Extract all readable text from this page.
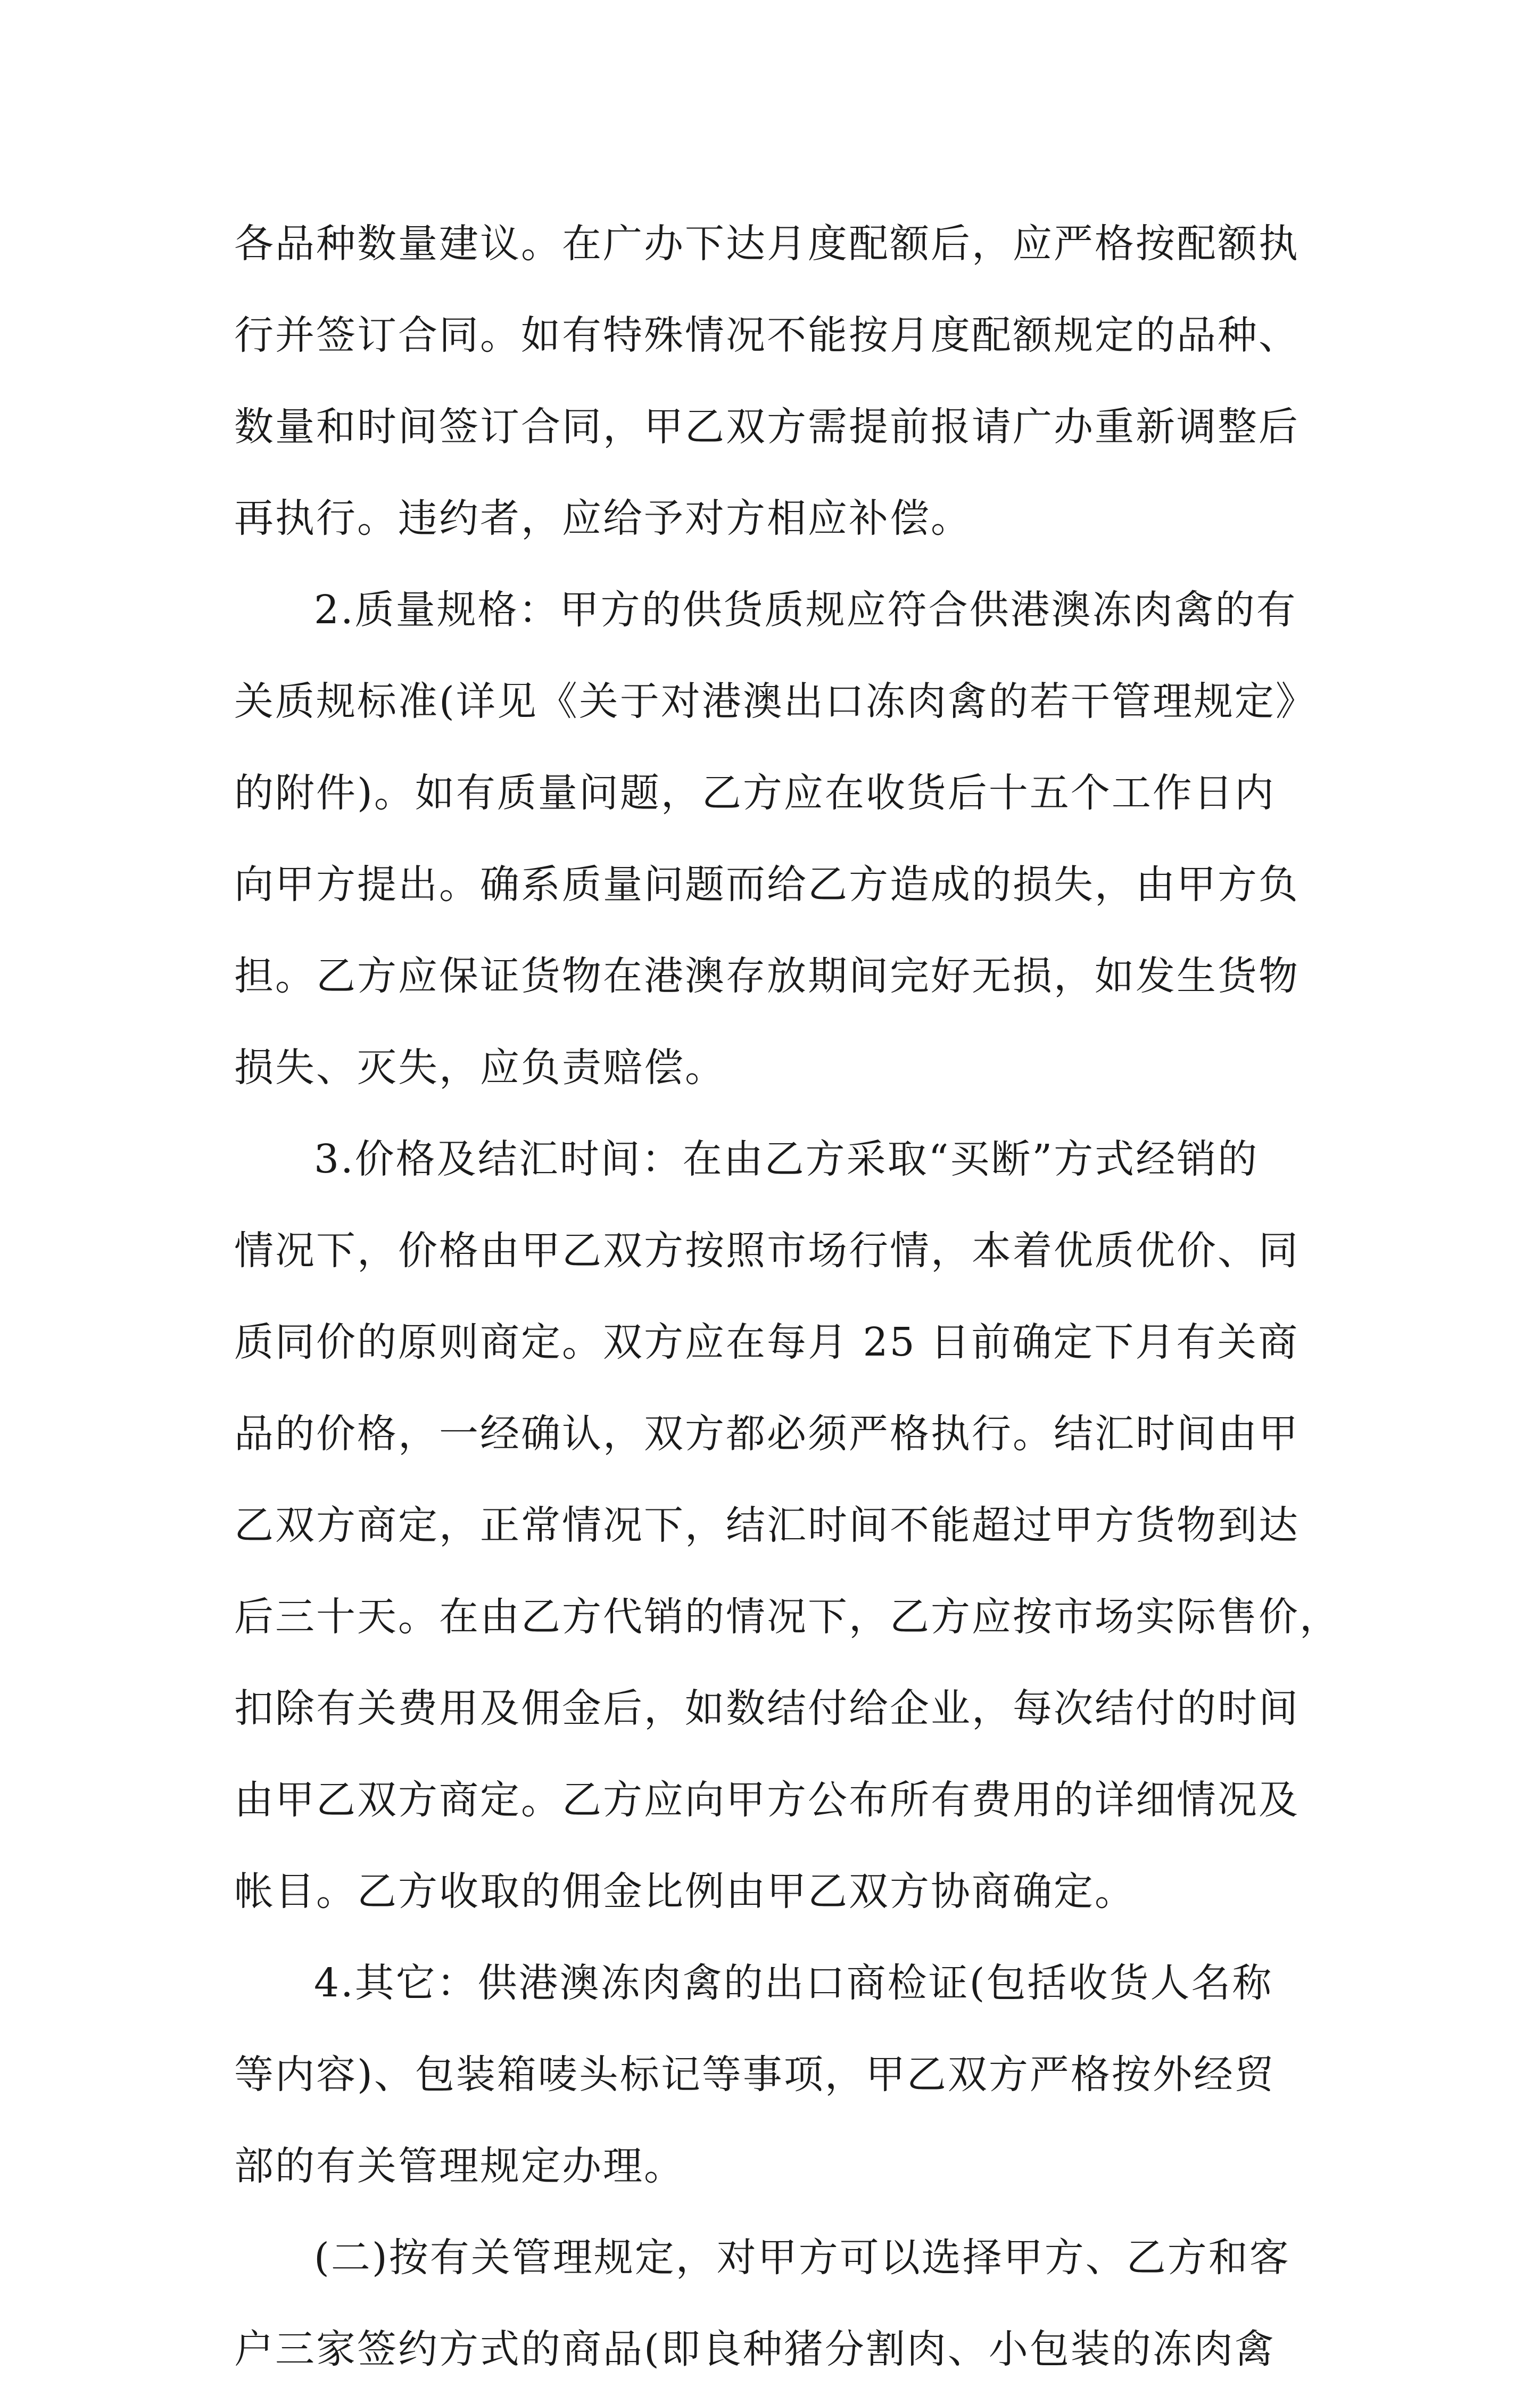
各品种数量建议。在广办下达月度配额后，应严格按配额执
行并签订合同。如有特殊情况不能按月度配额规定的品种、
数量和时间签订合同，甲乙双方需提前报请广办重新调整后
再执行。违约者，应给予对方相应补偿。
2.质量规格：甲方的供货质规应符合供港澳冻肉禽的有
关质规标准(详见《关于对港澳出口冻肉禽的若干管理规定》
的附件)。如有质量问题，乙方应在收货后十五个工作日内
向甲方提出。确系质量问题而给乙方造成的损失，由甲方负
担。乙方应保证货物在港澳存放期间完好无损，如发生货物
损失、灭失，应负责赔偿。
3.价格及结汇时间：在由乙方采取“买断”方式经销的
情况下，价格由甲乙双方按照市场行情，本着优质优价、同
质同价的原则商定。双方应在每月 25 日前确定下月有关商
品的价格，一经确认，双方都必须严格执行。结汇时间由甲
乙双方商定，正常情况下，结汇时间不能超过甲方货物到达
后三十天。在由乙方代销的情况下，乙方应按市场实际售价，
扣除有关费用及佣金后，如数结付给企业，每次结付的时间
由甲乙双方商定。乙方应向甲方公布所有费用的详细情况及
帐目。乙方收取的佣金比例由甲乙双方协商确定。
4.其它：供港澳冻肉禽的出口商检证(包括收货人名称
等内容)、包装箱唛头标记等事项，甲乙双方严格按外经贸
部的有关管理规定办理。
(二)按有关管理规定，对甲方可以选择甲方、乙方和客
户三家签约方式的商品(即良种猪分割肉、小包装的冻肉禽
